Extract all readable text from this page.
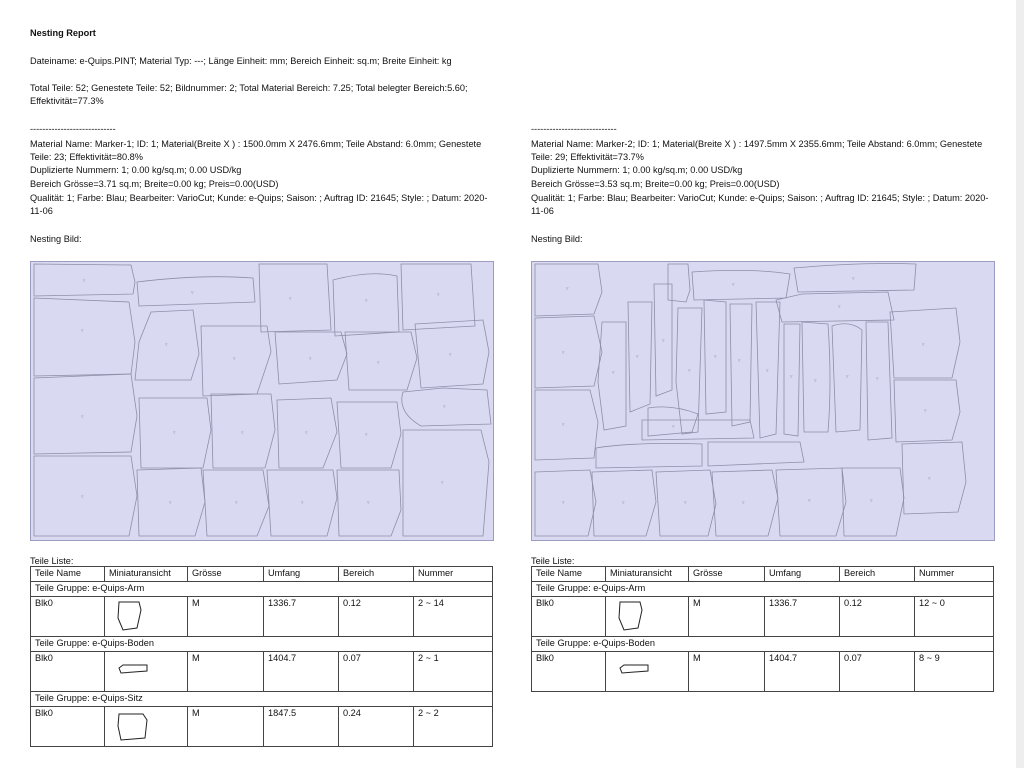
Nesting Report
Dateiname: e-Quips.PINT; Material Typ: ---; Länge Einheit: mm; Bereich Einheit: sq.m; Breite Einheit: kg
Total Teile: 52; Genestete Teile: 52; Bildnummer: 2; Total Material Bereich: 7.25; Total belegter Bereich:5.60; Effektivität=77.3%
----------------------------
Material Name: Marker-1; ID: 1; Material(Breite X ) : 1500.0mm X 2476.6mm; Teile Abstand: 6.0mm; Genestete Teile: 23; Effektivität=80.8%
Duplizierte Nummern: 1; 0.00 kg/sq.m; 0.00 USD/kg
Bereich Grösse=3.71 sq.m; Breite=0.00 kg; Preis=0.00(USD)
Qualität: 1; Farbe: Blau; Bearbeiter: VarioCut; Kunde: e-Quips; Saison: ; Auftrag ID: 21645; Style: ; Datum: 2020-11-06
Nesting Bild:
▿
▿
▿	▿
▿
▿
▿
▿	▿
▿
▿
▿
▿
▿	▿	▿	▿
▿
▿
▿	▿	▿	▿
Teile Liste:
Teile Name	Miniaturansicht	Grösse	Umfang	Bereich	Nummer
Teile Gruppe: e-Quips-Arm					
Blk0		M	1336.7	0.12	2 ~ 14
Teile Gruppe: e-Quips-Boden					
Blk0		M	1404.7	0.07	2 ~ 1
Teile Gruppe: e-Quips-Sitz					
Blk0		M	1847.5	0.24	2 ~ 2
----------------------------
Material Name: Marker-2; ID: 1; Material(Breite X ) : 1497.5mm X 2355.6mm; Teile Abstand: 6.0mm; Genestete Teile: 29; Effektivität=73.7%
Duplizierte Nummern: 1; 0.00 kg/sq.m; 0.00 USD/kg
Bereich Grösse=3.53 sq.m; Breite=0.00 kg; Preis=0.00(USD)
Qualität: 1; Farbe: Blau; Bearbeiter: VarioCut; Kunde: e-Quips; Saison: ; Auftrag ID: 21645; Style: ; Datum: 2020-11-06
Nesting Bild:
▿
▿
▿
▿
▿
▿
▿
▿
▿
▿
▿
▿
▿
▿
▿	▿
▿
▿
▿
▿
▿
▿	▿	▿	▿	▿	▿
Teile Liste:
Teile Name	Miniaturansicht	Grösse	Umfang	Bereich	Nummer
Teile Gruppe: e-Quips-Arm					
Blk0		M	1336.7	0.12	12 ~ 0
Teile Gruppe: e-Quips-Boden					
Blk0		M	1404.7	0.07	8 ~ 9
